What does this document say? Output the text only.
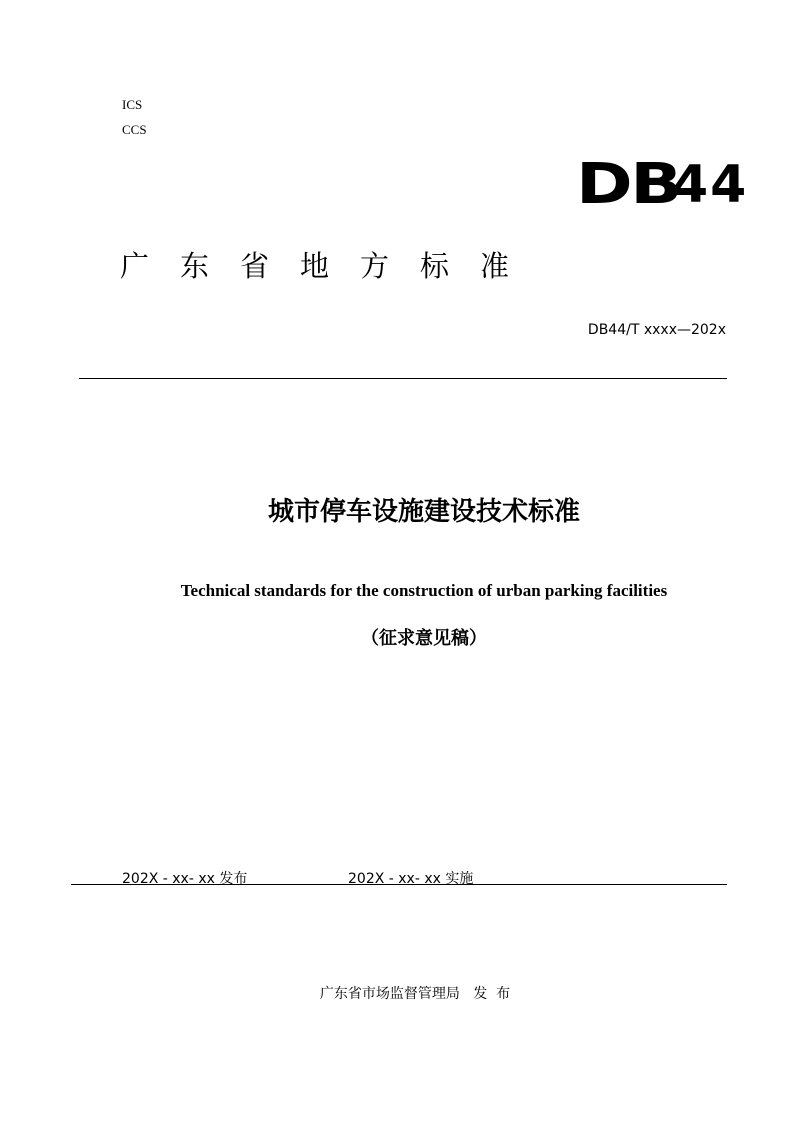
ICS
CCS
DB
44
广东省地方标准
DB44/T xxxx—202x
城市停车设施建设技术标准
Technical standards for the construction of urban parking facilities
（征求意见稿）
202X - xx- xx 发布	202X - xx- xx 实施
广东省市场监督管理局   发  布
